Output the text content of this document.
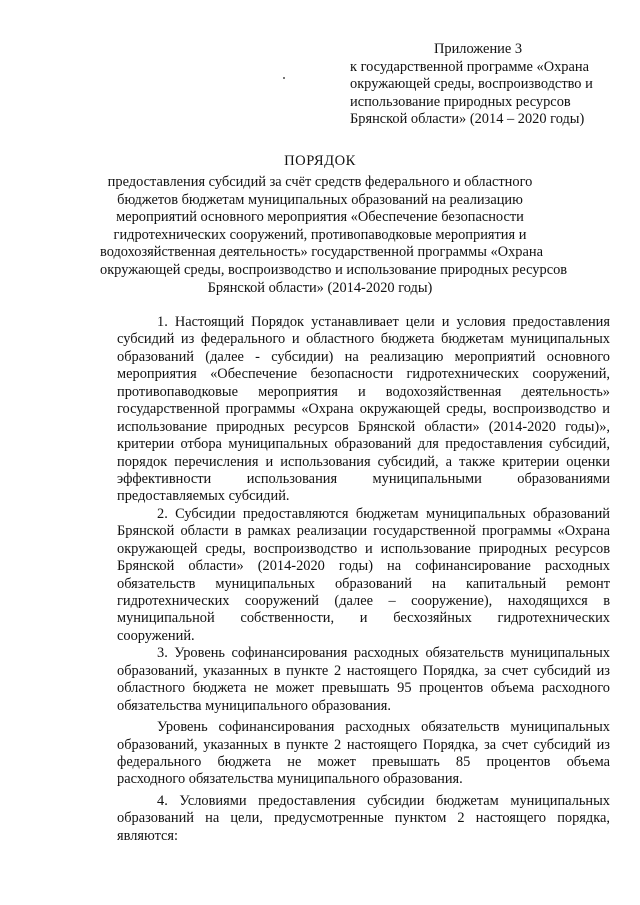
Приложение 3
к государственной программе «Охрана
окружающей среды, воспроизводство и
использование природных ресурсов
Брянской области» (2014 – 2020 годы)
ПОРЯДОК
предоставления субсидий за счёт средств федерального и областного
бюджетов бюджетам муниципальных образований на реализацию
мероприятий основного мероприятия «Обеспечение безопасности
гидротехнических сооружений, противопаводковые мероприятия и
водохозяйственная деятельность» государственной программы «Охрана
окружающей среды, воспроизводство и использование природных ресурсов
Брянской области» (2014-2020 годы)
1. Настоящий Порядок устанавливает цели и условия предоставления
субсидий из федерального и областного бюджета бюджетам муниципальных
образований (далее - субсидии) на реализацию мероприятий основного
мероприятия «Обеспечение безопасности гидротехнических сооружений,
противопаводковые мероприятия и водохозяйственная деятельность»
государственной программы «Охрана окружающей среды, воспроизводство и
использование природных ресурсов Брянской области» (2014-2020 годы)»,
критерии отбора муниципальных образований для предоставления субсидий,
порядок перечисления и использования субсидий, а также критерии оценки
эффективности использования муниципальными образованиями
предоставляемых субсидий.
2. Субсидии предоставляются бюджетам муниципальных образований
Брянской области в рамках реализации государственной программы «Охрана
окружающей среды, воспроизводство и использование природных ресурсов
Брянской области» (2014-2020 годы) на софинансирование расходных
обязательств муниципальных образований на капитальный ремонт
гидротехнических сооружений (далее – сооружение), находящихся в
муниципальной собственности, и бесхозяйных гидротехнических
сооружений.
3. Уровень софинансирования расходных обязательств муниципальных
образований, указанных в пункте 2 настоящего Порядка, за счет субсидий из
областного бюджета не может превышать 95 процентов объема расходного
обязательства муниципального образования.
Уровень софинансирования расходных обязательств муниципальных
образований, указанных в пункте 2 настоящего Порядка, за счет субсидий из
федерального бюджета не может превышать 85 процентов объема
расходного обязательства муниципального образования.
4. Условиями предоставления субсидии бюджетам муниципальных
образований на цели, предусмотренные пунктом 2 настоящего порядка,
являются:
